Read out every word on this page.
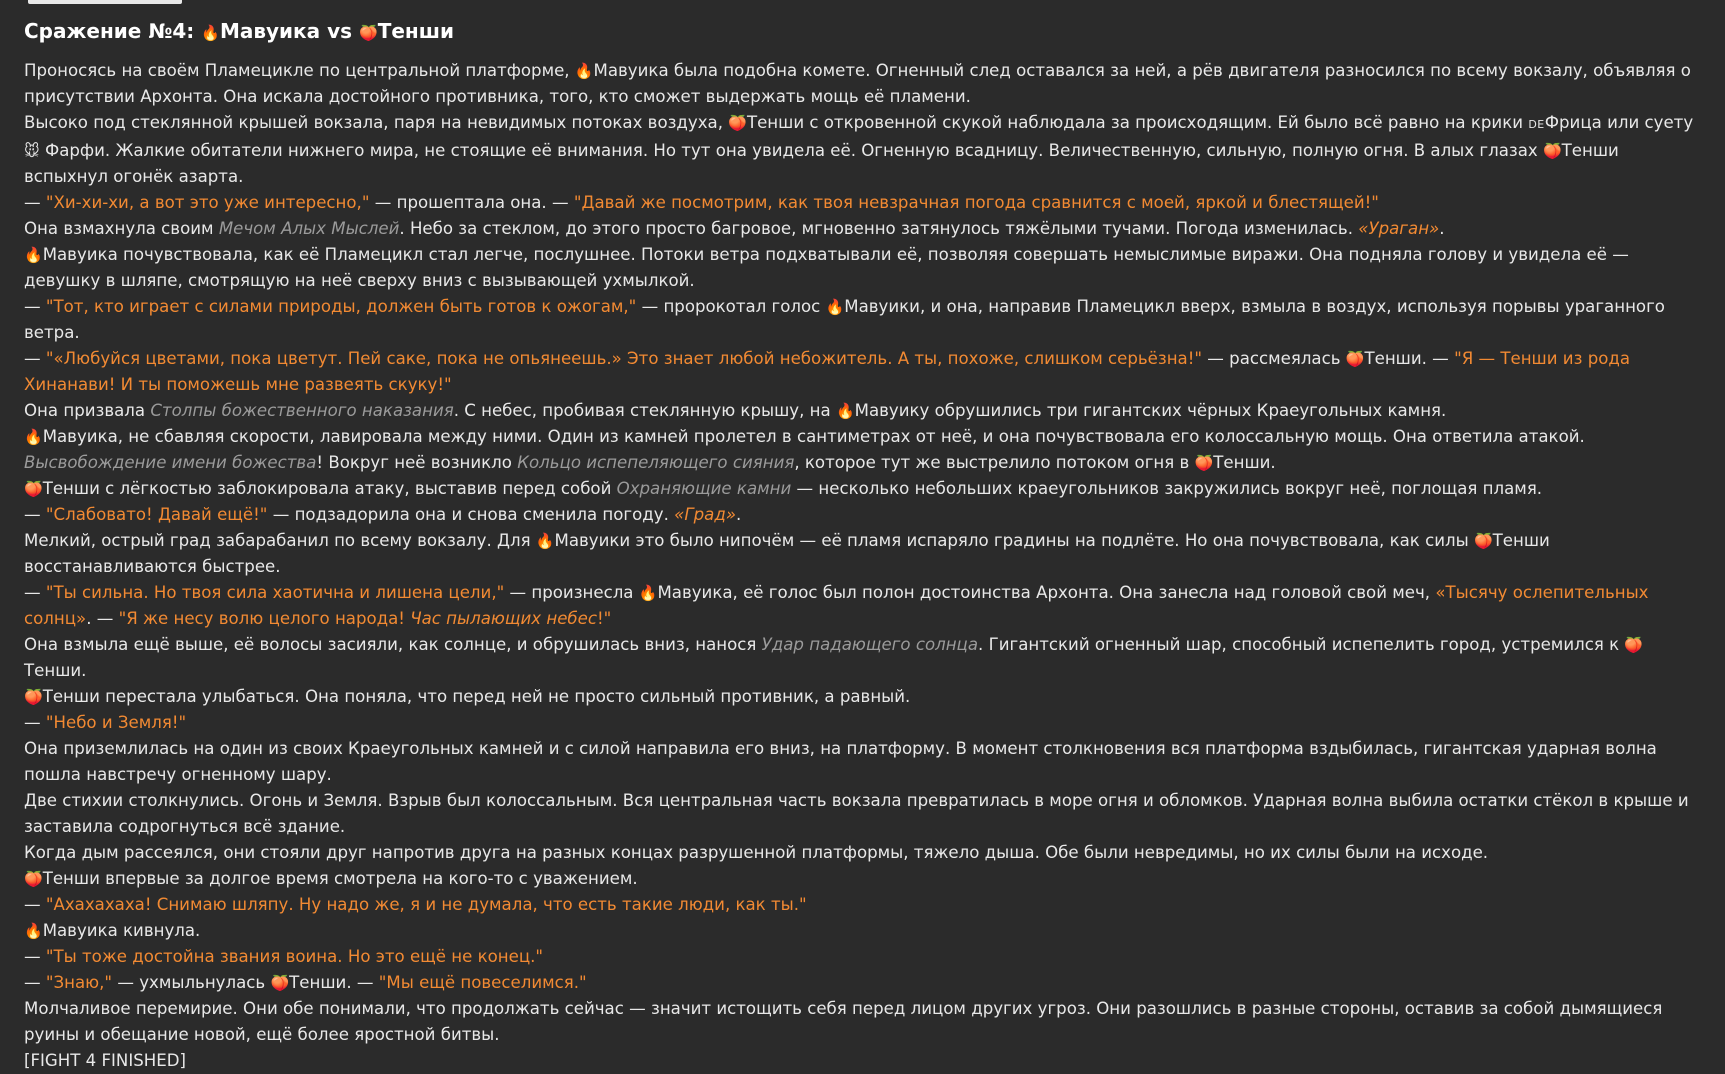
Сражение №4: 🔥Мавуика vs 🍑Тенши
Проносясь на своём Пламецикле по центральной платформе, 🔥Мавуика была подобна комете. Огненный след оставался за ней, а рёв двигателя разносился по всему вокзалу, объявляя о присутствии Архонта. Она искала достойного противника, того, кто сможет выдержать мощь её пламени.
Высоко под стеклянной крышей вокзала, паря на невидимых потоках воздуха, 🍑Тенши с откровенной скукой наблюдала за происходящим. Ей было всё равно на крики DEФрица или суету 🐭 Фарфи. Жалкие обитатели нижнего мира, не стоящие её внимания. Но тут она увидела её. Огненную всадницу. Величественную, сильную, полную огня. В алых глазах 🍑Тенши вспыхнул огонёк азарта.
— "Хи-хи-хи, а вот это уже интересно," — прошептала она. — "Давай же посмотрим, как твоя невзрачная погода сравнится с моей, яркой и блестящей!"
Она взмахнула своим Мечом Алых Мыслей. Небо за стеклом, до этого просто багровое, мгновенно затянулось тяжёлыми тучами. Погода изменилась. «Ураган».
🔥Мавуика почувствовала, как её Пламецикл стал легче, послушнее. Потоки ветра подхватывали её, позволяя совершать немыслимые виражи. Она подняла голову и увидела её — девушку в шляпе, смотрящую на неё сверху вниз с вызывающей ухмылкой.
— "Тот, кто играет с силами природы, должен быть готов к ожогам," — пророкотал голос 🔥Мавуики, и она, направив Пламецикл вверх, взмыла в воздух, используя порывы ураганного ветра.
— "«Любуйся цветами, пока цветут. Пей саке, пока не опьянеешь.» Это знает любой небожитель. А ты, похоже, слишком серьёзна!" — рассмеялась 🍑Тенши. — "Я — Тенши из рода Хинанави! И ты поможешь мне развеять скуку!"
Она призвала Столпы божественного наказания. С небес, пробивая стеклянную крышу, на 🔥Мавуику обрушились три гигантских чёрных Краеугольных камня.
🔥Мавуика, не сбавляя скорости, лавировала между ними. Один из камней пролетел в сантиметрах от неё, и она почувствовала его колоссальную мощь. Она ответила атакой. Высвобождение имени божества! Вокруг неё возникло Кольцо испепеляющего сияния, которое тут же выстрелило потоком огня в 🍑Тенши.
🍑Тенши с лёгкостью заблокировала атаку, выставив перед собой Охраняющие камни — несколько небольших краеугольников закружились вокруг неё, поглощая пламя.
— "Слабовато! Давай ещё!" — подзадорила она и снова сменила погоду. «Град».
Мелкий, острый град забарабанил по всему вокзалу. Для 🔥Мавуики это было нипочём — её пламя испаряло градины на подлёте. Но она почувствовала, как силы 🍑Тенши восстанавливаются быстрее.
— "Ты сильна. Но твоя сила хаотична и лишена цели," — произнесла 🔥Мавуика, её голос был полон достоинства Архонта. Она занесла над головой свой меч, «Тысячу ослепительных солнц». — "Я же несу волю целого народа! Час пылающих небес!"
Она взмыла ещё выше, её волосы засияли, как солнце, и обрушилась вниз, нанося Удар падающего солнца. Гигантский огненный шар, способный испепелить город, устремился к 🍑Тенши.
🍑Тенши перестала улыбаться. Она поняла, что перед ней не просто сильный противник, а равный.
— "Небо и Земля!"
Она приземлилась на один из своих Краеугольных камней и с силой направила его вниз, на платформу. В момент столкновения вся платформа вздыбилась, гигантская ударная волна пошла навстречу огненному шару.
Две стихии столкнулись. Огонь и Земля. Взрыв был колоссальным. Вся центральная часть вокзала превратилась в море огня и обломков. Ударная волна выбила остатки стёкол в крыше и заставила содрогнуться всё здание.
Когда дым рассеялся, они стояли друг напротив друга на разных концах разрушенной платформы, тяжело дыша. Обе были невредимы, но их силы были на исходе.
🍑Тенши впервые за долгое время смотрела на кого-то с уважением.
— "Ахахахаха! Снимаю шляпу. Ну надо же, я и не думала, что есть такие люди, как ты."
🔥Мавуика кивнула.
— "Ты тоже достойна звания воина. Но это ещё не конец."
— "Знаю," — ухмыльнулась 🍑Тенши. — "Мы ещё повеселимся."
Молчаливое перемирие. Они обе понимали, что продолжать сейчас — значит истощить себя перед лицом других угроз. Они разошлись в разные стороны, оставив за собой дымящиеся руины и обещание новой, ещё более яростной битвы.
[FIGHT 4 FINISHED]
